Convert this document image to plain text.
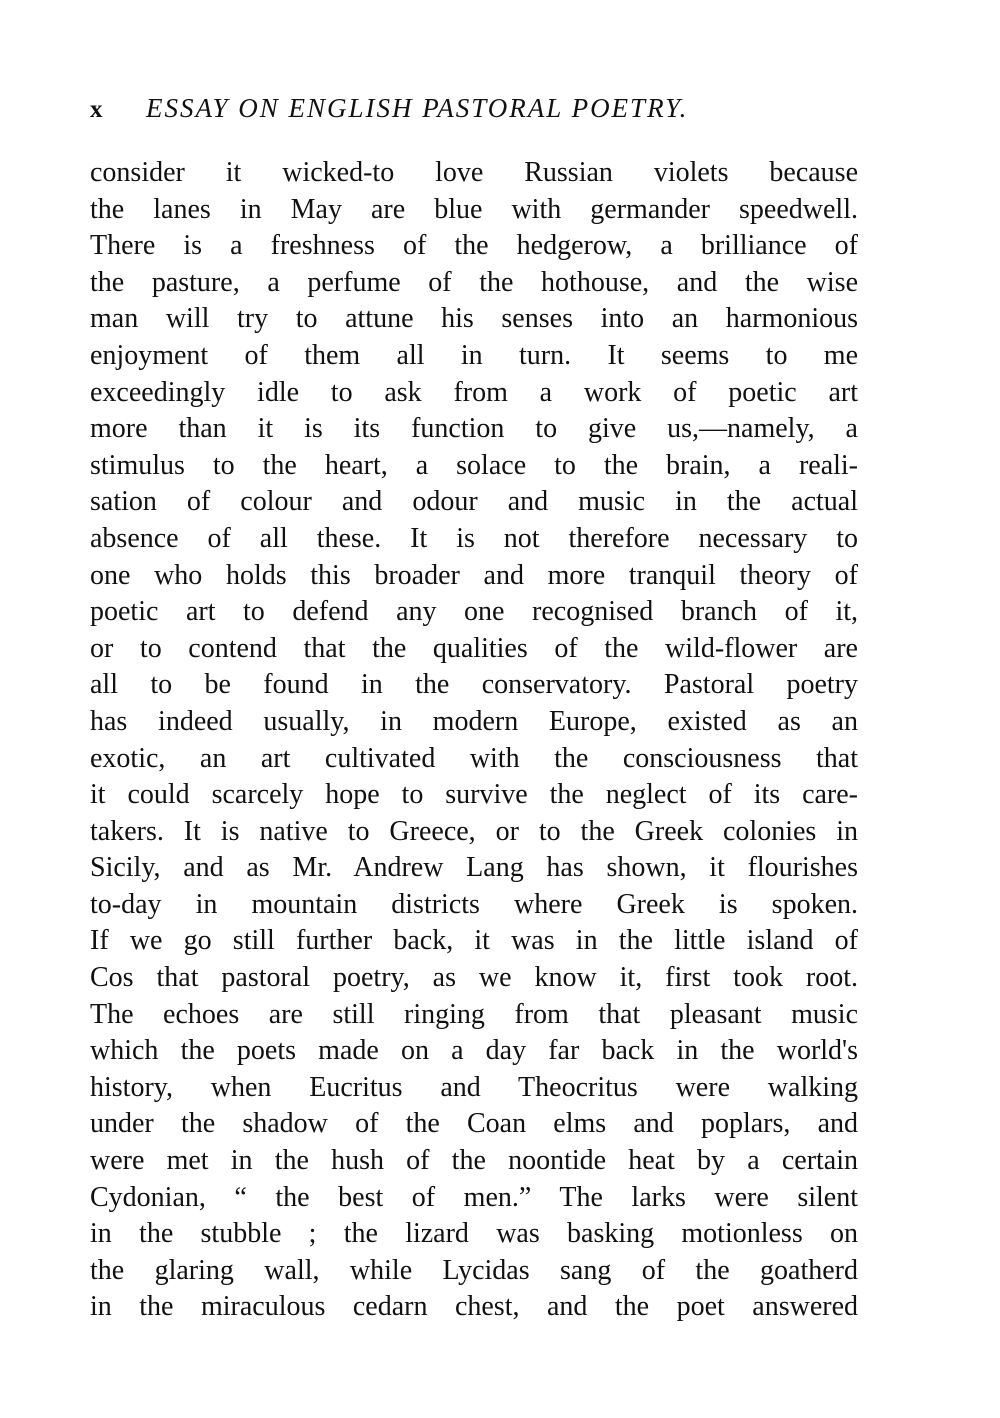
x ESSAY ON ENGLISH PASTORAL POETRY.
consider it wicked-to love Russian violets because
the lanes in May are blue with germander speedwell.
There is a freshness of the hedgerow, a brilliance of
the pasture, a perfume of the hothouse, and the wise
man will try to attune his senses into an harmonious
enjoyment of them all in turn. It seems to me
exceedingly idle to ask from a work of poetic art
more than it is its function to give us,—namely, a
stimulus to the heart, a solace to the brain, a reali-
sation of colour and odour and music in the actual
absence of all these. It is not therefore necessary to
one who holds this broader and more tranquil theory of
poetic art to defend any one recognised branch of it,
or to contend that the qualities of the wild-flower are
all to be found in the conservatory. Pastoral poetry
has indeed usually, in modern Europe, existed as an
exotic, an art cultivated with the consciousness that
it could scarcely hope to survive the neglect of its care-
takers. It is native to Greece, or to the Greek colonies in
Sicily, and as Mr. Andrew Lang has shown, it flourishes
to-day in mountain districts where Greek is spoken.
If we go still further back, it was in the little island of
Cos that pastoral poetry, as we know it, first took root.
The echoes are still ringing from that pleasant music
which the poets made on a day far back in the world's
history, when Eucritus and Theocritus were walking
under the shadow of the Coan elms and poplars, and
were met in the hush of the noontide heat by a certain
Cydonian, “ the best of men.” The larks were silent
in the stubble ; the lizard was basking motionless on
the glaring wall, while Lycidas sang of the goatherd
in the miraculous cedarn chest, and the poet answered
